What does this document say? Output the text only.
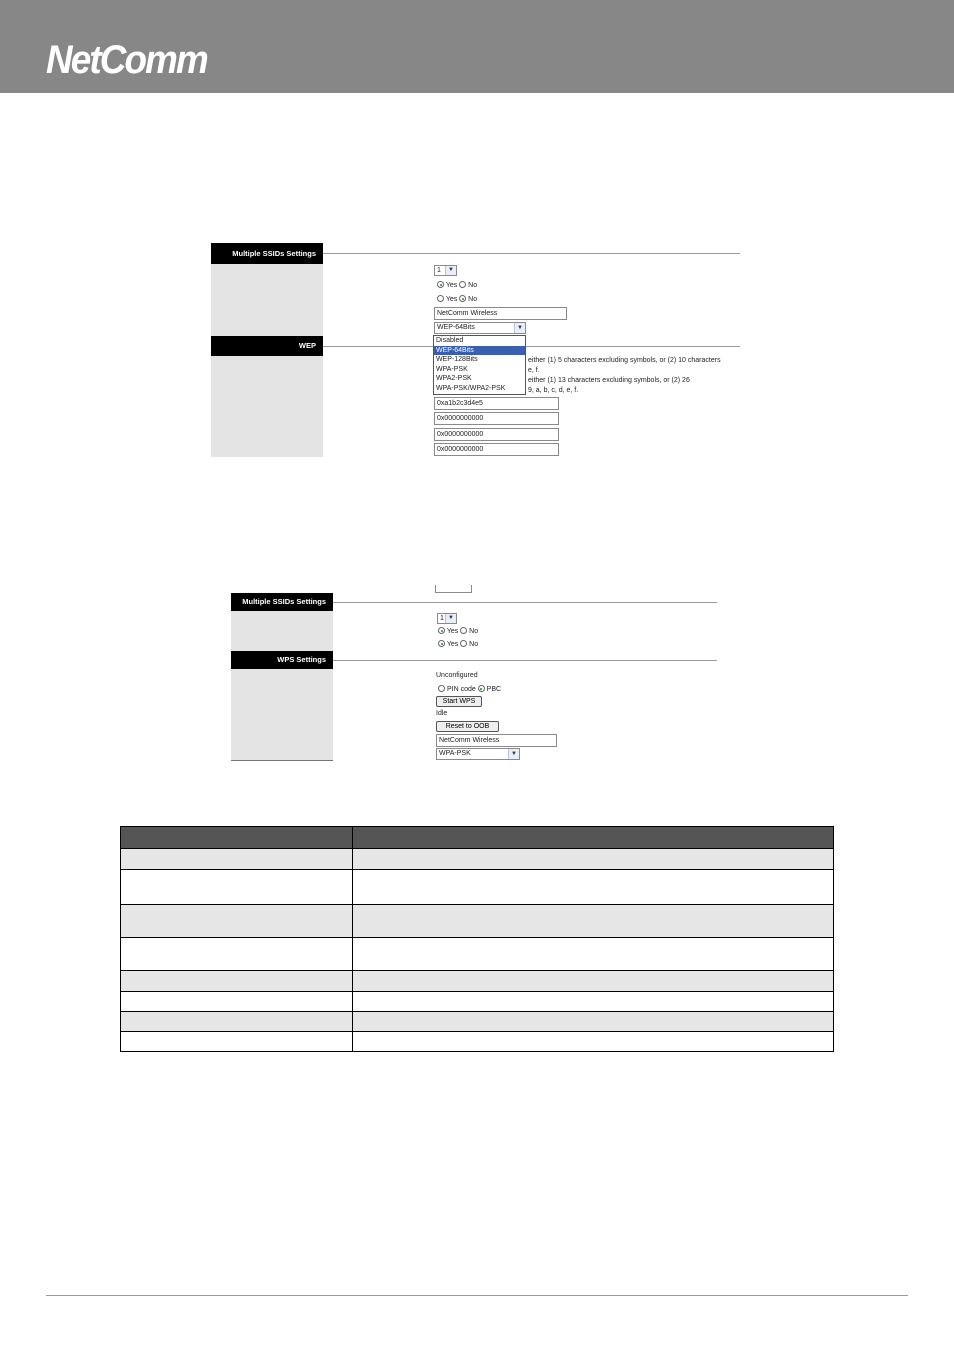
NetComm
Multiple SSIDs Settings
1	▼
Yes No
Yes No
NetComm Wireless
WEP-64Bits	▼
WEP
either (1) 5 characters excluding symbols, or (2) 10 characters
e, f.
either (1) 13 characters excluding symbols, or (2) 26
9, a, b, c, d, e, f.
Disabled
WEP-64Bits
WEP-128Bits
WPA-PSK
WPA2-PSK
WPA-PSK/WPA2-PSK
0xa1b2c3d4e5
0x0000000000
0x0000000000
0x0000000000
Multiple SSIDs Settings
1 ▼
Yes No
Yes No
WPS Settings
Unconfigured
PIN code PBC
Start WPS
Idle
Reset to OOB
NetComm Wireless
WPA-PSK	▼
